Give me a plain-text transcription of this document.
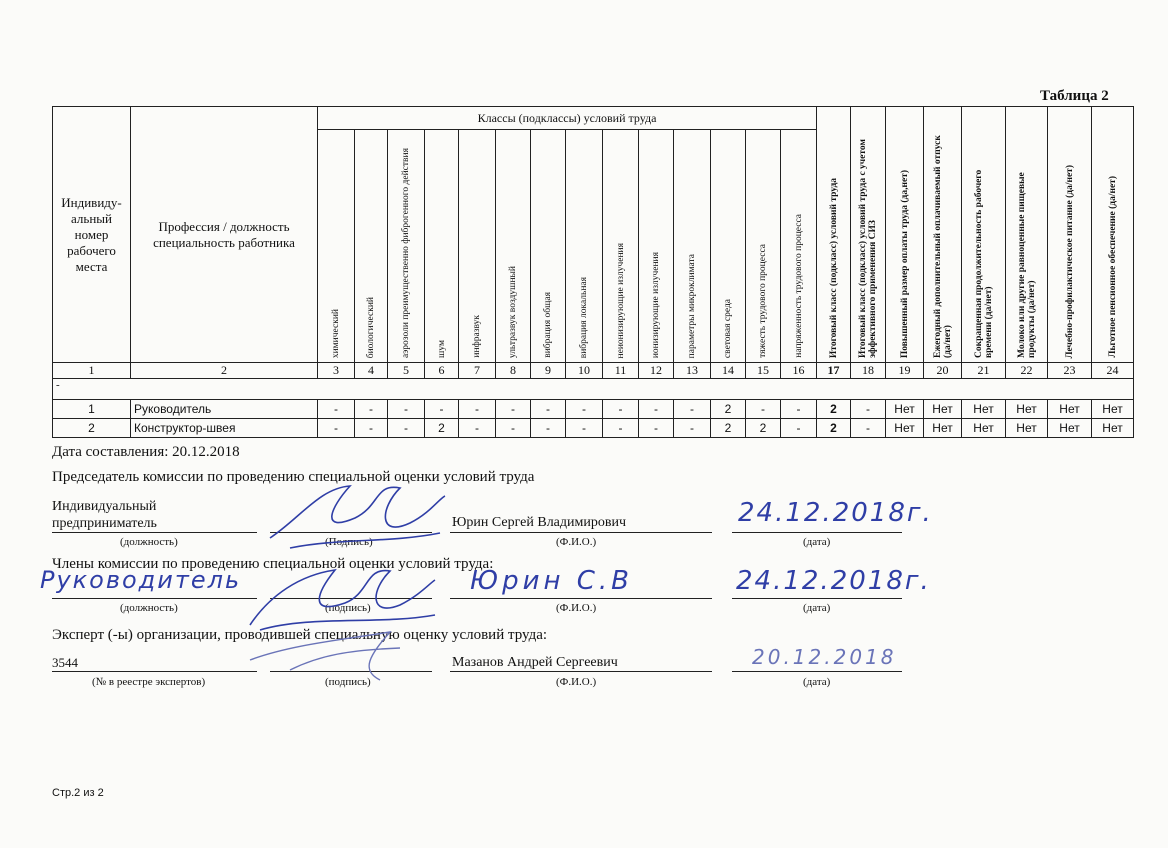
Таблица 2
Индивиду-альный номер рабочего места	Профессия / должность специальность работника	Классы (подклассы) условий труда														Итоговый класс (подкласс) условий труда	Итоговый класс (подкласс) условий труда с учетом эффективного применения СИЗ	Повышенный размер оплаты труда (да,нет)	Ежегодный дополнительный оплачиваемый отпуск (да/нет)	Сокращенная продолжительность рабочего времени (да/нет)	Молоко или другие равноценные пищевые продукты (да/нет)	Лечебно-профилактическое питание (да/нет)	Льготное пенсионное обеспечение (да/нет)

		химический	биологический	аэрозоли преимущественно фиброгенного действия	шум	инфразвук	ультразвук воздушный	вибрация общая	вибрация локальная	неионизирующие излучения	ионизирующие излучения	параметры микроклимата	световая среда	тяжесть трудового процесса	напряженность трудового процесса								

1	2	3	4	5	6	7	8	9	10	11	12	13	14	15	16	17	18	19	20	21	22	23	24
-																							
1	Руководитель	-	-	-	-	-	-	-	-	-	-	-	2	-	-	2	-	Нет	Нет	Нет	Нет	Нет	Нет
2	Конструктор-швея	-	-	-	2	-	-	-	-	-	-	-	2	2	-	2	-	Нет	Нет	Нет	Нет	Нет	Нет
Дата составления: 20.12.2018
Председатель комиссии по проведению специальной оценки условий труда
Индивидуальный
предприниматель	Юрин Сергей Владимирович	24.12.2018г.
(должность)	(Подпись)	(Ф.И.О.)	(дата)
Члены комиссии по проведению специальной оценки условий труда:
Руководитель	Юрин С.В	24.12.2018г.
(должность)	(подпись)	(Ф.И.О.)	(дата)
Эксперт (-ы) организации, проводившей специальную оценку условий труда:
3544	Мазанов Андрей Сергеевич	20.12.2018
(№ в реестре экспертов)	(подпись)	(Ф.И.О.)	(дата)
Стр.2 из 2
